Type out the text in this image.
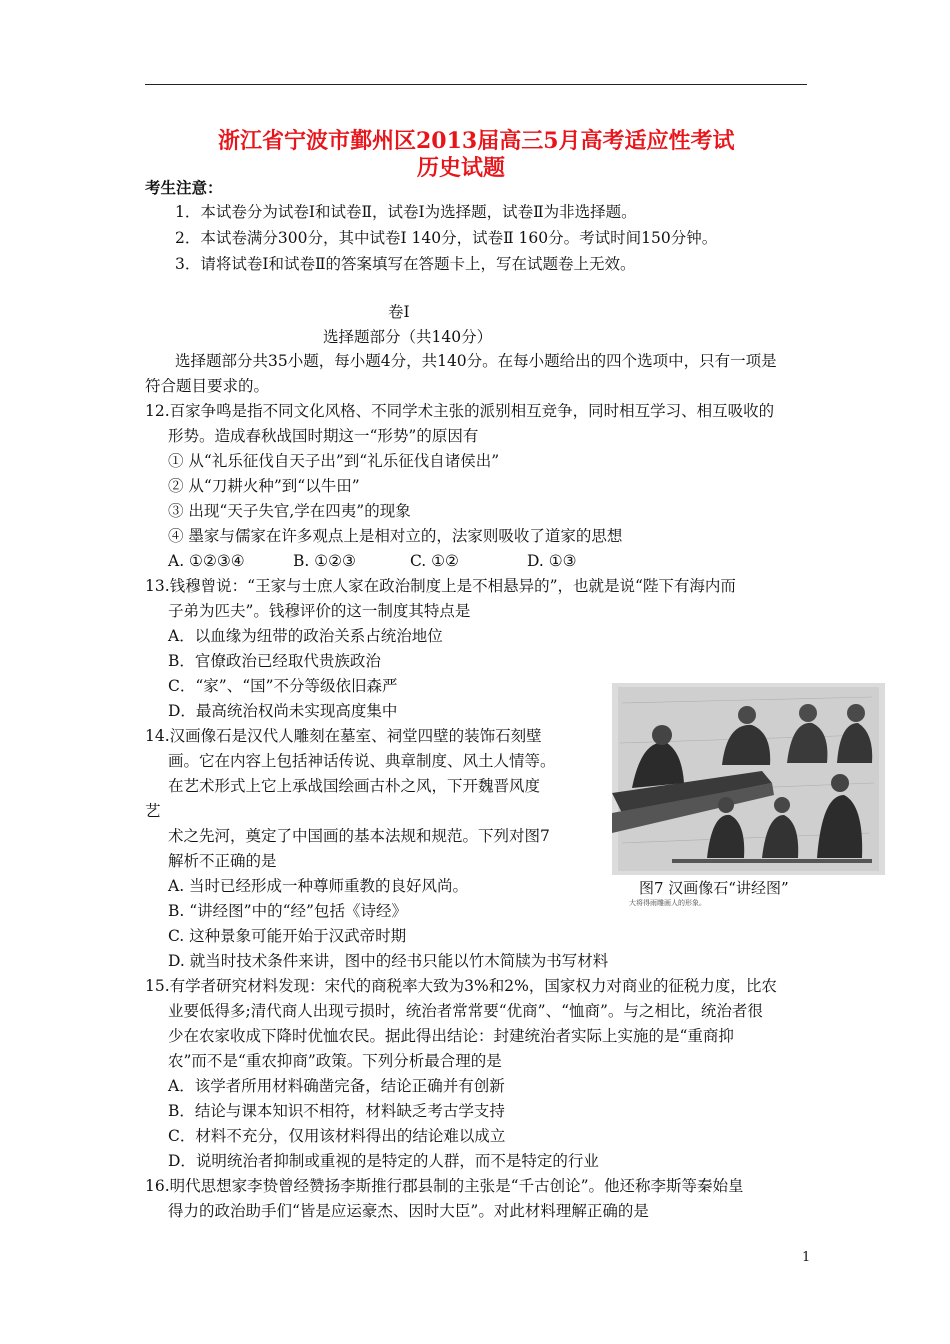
浙江省宁波市鄞州区2013届高三5月高考适应性考试
历史试题
考生注意：
1．本试卷分为试卷Ⅰ和试卷Ⅱ，试卷Ⅰ为选择题，试卷Ⅱ为非选择题。
2．本试卷满分300分，其中试卷Ⅰ 140分，试卷Ⅱ 160分。考试时间150分钟。
3．请将试卷Ⅰ和试卷Ⅱ的答案填写在答题卡上，写在试题卷上无效。
卷Ⅰ
选择题部分（共140分）
选择题部分共35小题，每小题4分，共140分。在每小题给出的四个选项中，只有一项是
符合题目要求的。
12.百家争鸣是指不同文化风格、不同学术主张的派别相互竞争，同时相互学习、相互吸收的
形势。造成春秋战国时期这一“形势”的原因有
① 从“礼乐征伐自天子出”到“礼乐征伐自诸侯出”
② 从“刀耕火种”到“以牛田”
③ 出现“天子失官,学在四夷”的现象
④ 墨家与儒家在许多观点上是相对立的，法家则吸收了道家的思想
A. ①②③④	B. ①②③	C. ①②	D. ①③
13.钱穆曾说：“王家与士庶人家在政治制度上是不相悬异的”，也就是说“陛下有海内而
子弟为匹夫”。钱穆评价的这一制度其特点是
A．以血缘为纽带的政治关系占统治地位
B．官僚政治已经取代贵族政治
C．“家”、“国”不分等级依旧森严
D．最高统治权尚未实现高度集中
14.汉画像石是汉代人雕刻在墓室、祠堂四壁的装饰石刻壁
画。它在内容上包括神话传说、典章制度、风土人情等。
在艺术形式上它上承战国绘画古朴之风，下开魏晋风度
艺
术之先河，奠定了中国画的基本法规和规范。下列对图7
解析不正确的是
A. 当时已经形成一种尊师重教的良好风尚。
B. “讲经图”中的“经”包括《诗经》
C. 这种景象可能开始于汉武帝时期
D. 就当时技术条件来讲，图中的经书只能以竹木简牍为书写材料
图7 汉画像石“讲经图”
大将得雨雕画人的形象。
15.有学者研究材料发现：宋代的商税率大致为3%和2%，国家权力对商业的征税力度，比农
业要低得多;清代商人出现亏损时，统治者常常要“优商”、“恤商”。与之相比，统治者很
少在农家收成下降时优恤农民。据此得出结论：封建统治者实际上实施的是“重商抑
农”而不是“重农抑商”政策。下列分析最合理的是
A．该学者所用材料确凿完备，结论正确并有创新
B．结论与课本知识不相符，材料缺乏考古学支持
C．材料不充分，仅用该材料得出的结论难以成立
D．说明统治者抑制或重视的是特定的人群，而不是特定的行业
16.明代思想家李贽曾经赞扬李斯推行郡县制的主张是“千古创论”。他还称李斯等秦始皇
得力的政治助手们“皆是应运豪杰、因时大臣”。对此材料理解正确的是
1
